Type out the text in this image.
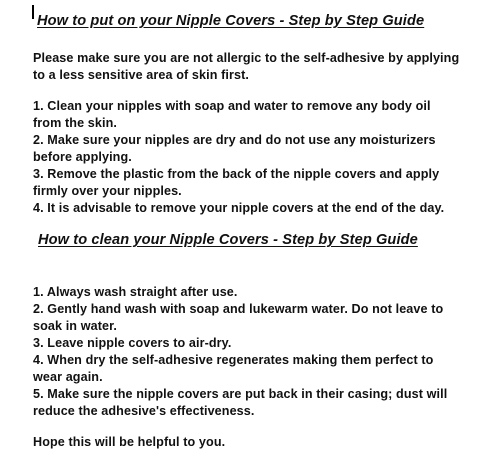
How to put on your Nipple Covers - Step by Step Guide

Please make sure you are not allergic to the self-adhesive by applying
to a less sensitive area of skin first.

1. Clean your nipples with soap and water to remove any body oil
from the skin.

2. Make sure your nipples are dry and do not use any moisturizers
before applying.

3. Remove the plastic from the back of the nipple covers and apply
firmly over your nipples.

4. It is advisable to remove your nipple covers at the end of the day.

How to clean your Nipple Covers - Step by Step Guide

1. Always wash straight after use.

2. Gently hand wash with soap and lukewarm water. Do not leave to
soak in water.

3. Leave nipple covers to air-dry.

4. When dry the self-adhesive regenerates making them perfect to
wear again.

5. Make sure the nipple covers are put back in their casing; dust will
reduce the adhesive's effectiveness.

Hope this will be helpful to you.
